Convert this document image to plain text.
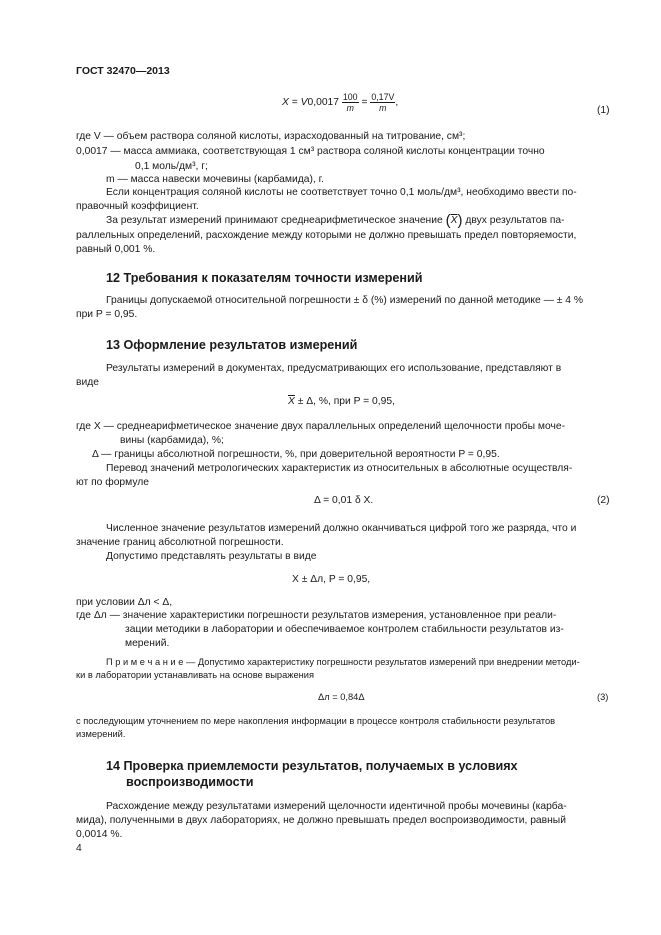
ГОСТ 32470—2013
$X = V0,0017 \frac{100}{m} = \frac{0,17V}{m}$ ,
(1)
где V — объем раствора соляной кислоты, израсходованный на титрование, см³;
0,0017 — масса аммиака, соответствующая 1 см³ раствора соляной кислоты концентрации точно
0,1 моль/дм³, г;
m — масса навески мочевины (карбамида), г.
Если концентрация соляной кислоты не соответствует точно 0,1 моль/дм³, необходимо ввести по-
правочный коэффициент.
За результат измерений принимают среднеарифметическое значение $(\overline{X})$ двух результатов па-
раллельных определений, расхождение между которыми не должно превышать предел повторяемости,
равный 0,001 %.
12 Требования к показателям точности измерений
Границы допускаемой относительной погрешности ± δ (%) измерений по данной методике — ± 4 %
при P = 0,95.
13 Оформление результатов измерений
Результаты измерений в документах, предусматривающих его использование, представляют в
виде
$\overline{X} \pm \Delta$, %, при P = 0,95,
где X — среднеарифметическое значение двух параллельных определений щелочности пробы моче-
вины (карбамида), %;
Δ — границы абсолютной погрешности, %, при доверительной вероятности P = 0,95.
Перевод значений метрологических характеристик из относительных в абсолютные осуществля-
ют по формуле
Δ = 0,01 δ X.	(2)
Численное значение результатов измерений должно оканчиваться цифрой того же разряда, что и
значение границ абсолютной погрешности.
Допустимо представлять результаты в виде
X ± Δл, P = 0,95,
при условии Δл < Δ,
где Δл — значение характеристики погрешности результатов измерения, установленное при реали-
зации методики в лаборатории и обеспечиваемое контролем стабильности результатов из-
мерений.
П р и м е ч а н и е — Допустимо характеристику погрешности результатов измерений при внедрении методи-
ки в лаборатории устанавливать на основе выражения
Δл = 0,84Δ	(3)
с последующим уточнением по мере накопления информации в процессе контроля стабильности результатов
измерений.
14 Проверка приемлемости результатов, получаемых в условиях
воспроизводимости
Расхождение между результатами измерений щелочности идентичной пробы мочевины (карба-
мида), полученными в двух лабораториях, не должно превышать предел воспроизводимости, равный
0,0014 %.
4
